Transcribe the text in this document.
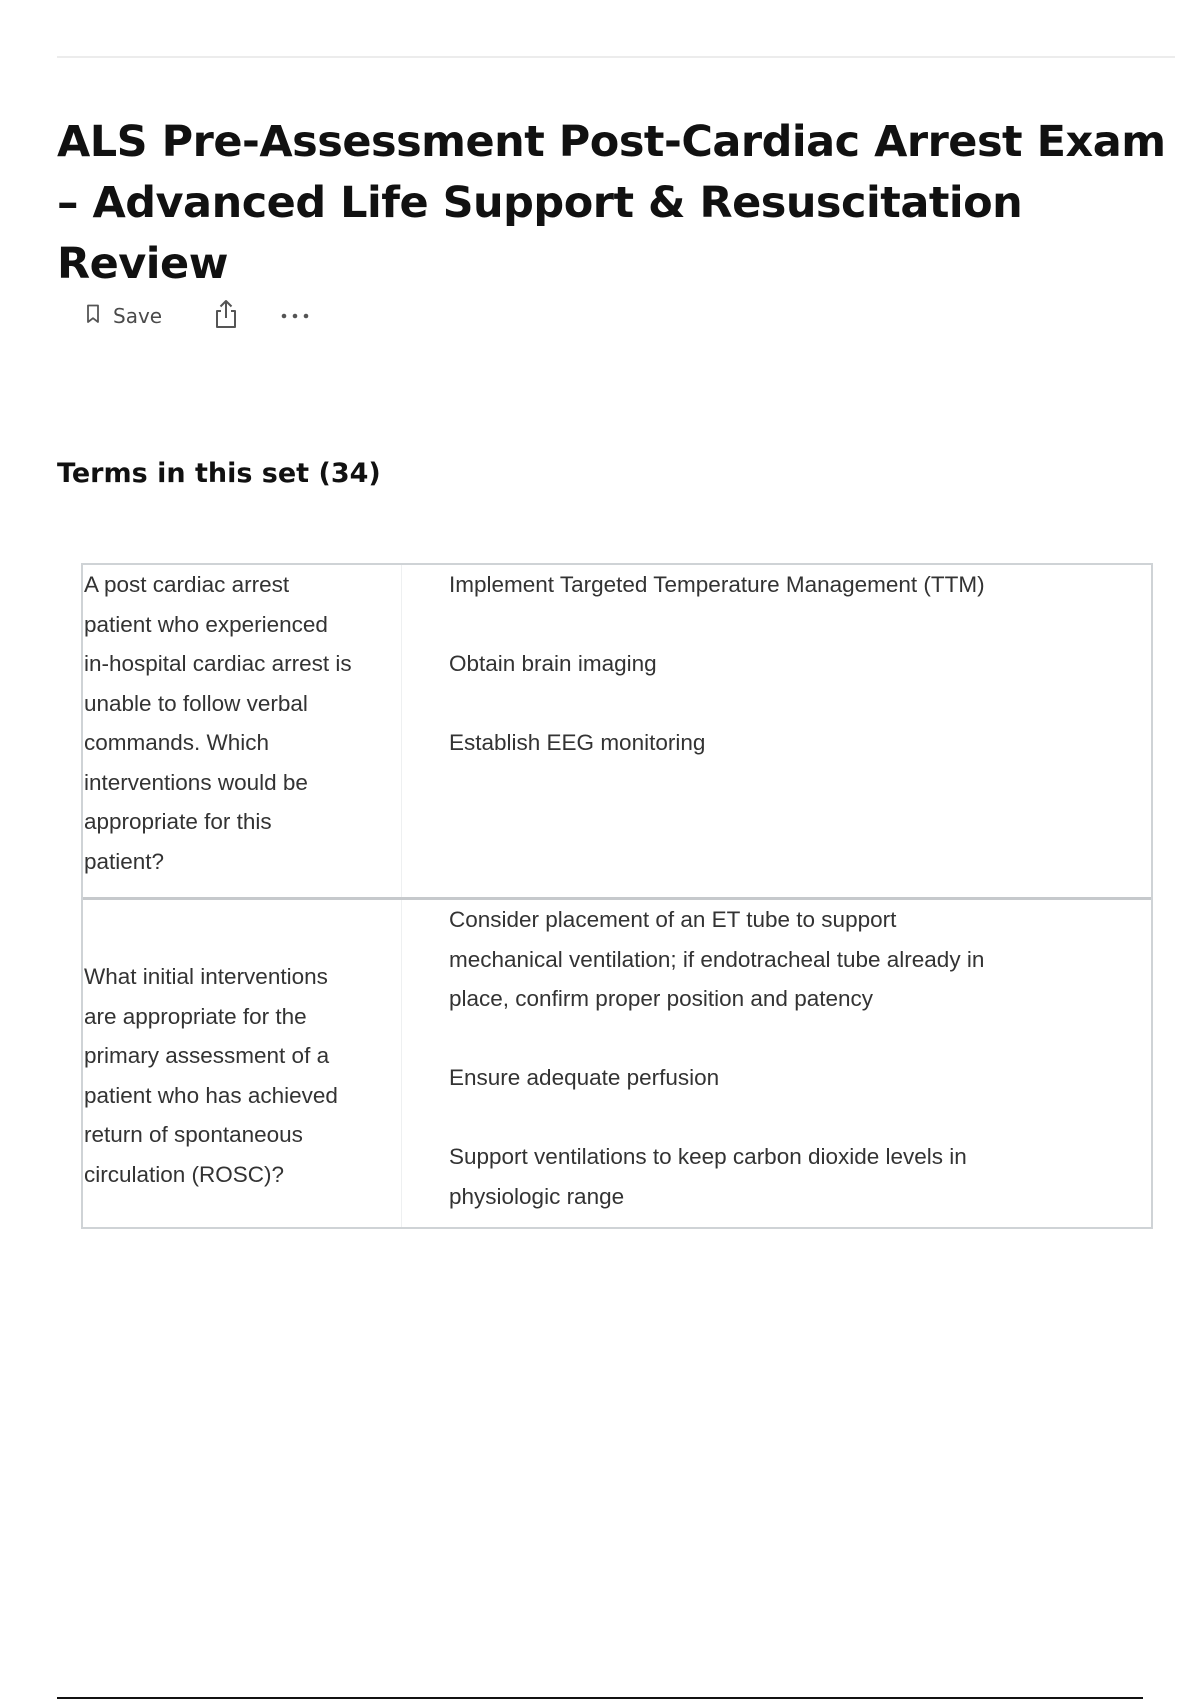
ALS Pre-Assessment Post-Cardiac Arrest Exam – Advanced Life Support & Resuscitation Review
Save
Terms in this set (34)
A post cardiac arrest
patient who experienced
in-hospital cardiac arrest is
unable to follow verbal
commands. Which
interventions would be
appropriate for this
patient?
Implement Targeted Temperature Management (TTM)

Obtain brain imaging

Establish EEG monitoring
What initial interventions
are appropriate for the
primary assessment of a
patient who has achieved
return of spontaneous
circulation (ROSC)?
Consider placement of an ET tube to support
mechanical ventilation; if endotracheal tube already in
place, confirm proper position and patency

Ensure adequate perfusion

Support ventilations to keep carbon dioxide levels in
physiologic range
